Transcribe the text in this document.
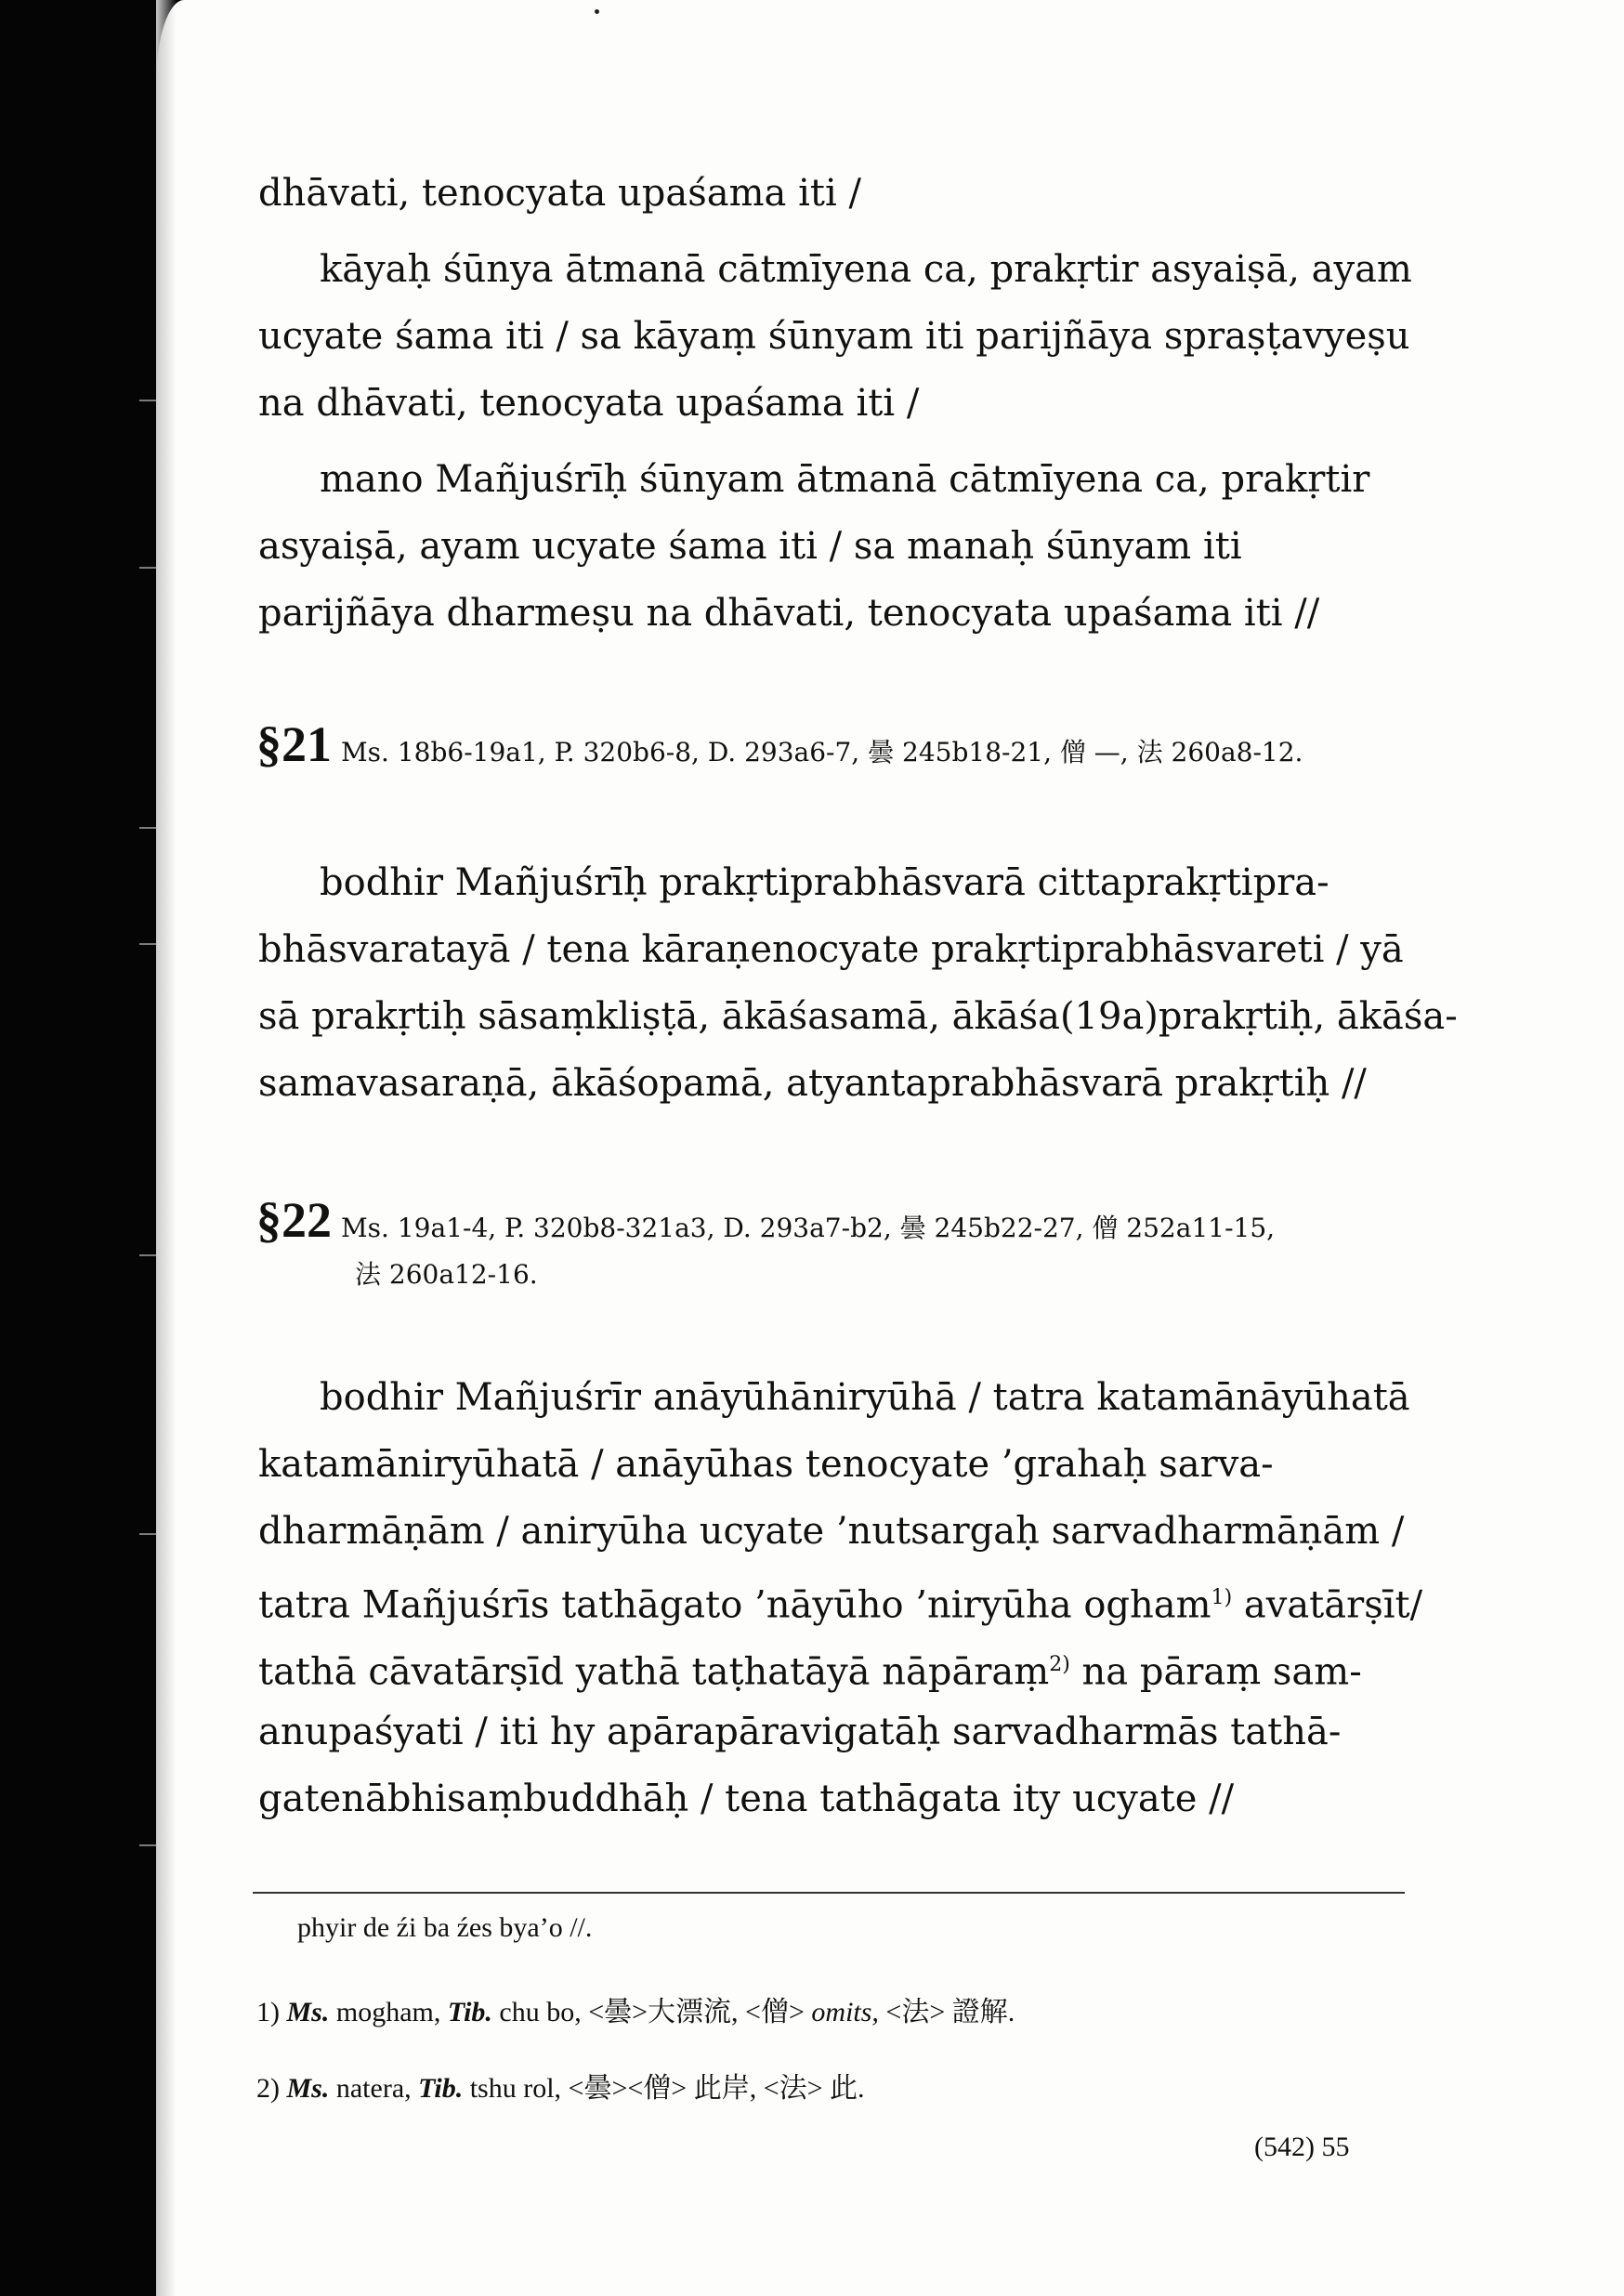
dhāvati, tenocyata upaśama iti /
kāyaḥ śūnya ātmanā cātmīyena ca, prakṛtir asyaiṣā, ayam
ucyate śama iti / sa kāyaṃ śūnyam iti parijñāya spraṣṭavyeṣu
na dhāvati, tenocyata upaśama iti /
mano Mañjuśrīḥ śūnyam ātmanā cātmīyena ca, prakṛtir
asyaiṣā, ayam ucyate śama iti / sa manaḥ śūnyam iti
parijñāya dharmeṣu na dhāvati, tenocyata upaśama iti //
§21 Ms. 18b6-19a1, P. 320b6-8, D. 293a6-7, 曇 245b18-21, 僧 —, 法 260a8-12.
bodhir Mañjuśrīḥ prakṛtiprabhāsvarā cittaprakṛtipra-
bhāsvaratayā / tena kāraṇenocyate prakṛtiprabhāsvareti / yā
sā prakṛtiḥ sāsaṃkliṣṭā, ākāśasamā, ākāśa(19a)prakṛtiḥ, ākāśa-
samavasaraṇā, ākāśopamā, atyantaprabhāsvarā prakṛtiḥ //
§22 Ms. 19a1-4, P. 320b8-321a3, D. 293a7-b2, 曇 245b22-27, 僧 252a11-15,
法 260a12-16.
bodhir Mañjuśrīr anāyūhāniryūhā / tatra katamānāyūhatā
katamāniryūhatā / anāyūhas tenocyate ’grahaḥ sarva-
dharmāṇām / aniryūha ucyate ’nutsargaḥ sarvadharmāṇām /
tatra Mañjuśrīs tathāgato ’nāyūho ’niryūha ogham$^{1)}$ avatārṣīt/
tathā cāvatārṣīd yathā taṭhatāyā nāpāraṃ$^{2)}$ na pāraṃ sam-
anupaśyati / iti hy apārapāravigatāḥ sarvadharmās tathā-
gatenābhisaṃbuddhāḥ / tena tathāgata ity ucyate //
phyir de źi ba źes bya’o //.
1) Ms. mogham, Tib. chu bo, <曇>大漂流, <僧> omits, <法> 證解.
2) Ms. natera, Tib. tshu rol, <曇><僧> 此岸, <法> 此.
(542) 55
